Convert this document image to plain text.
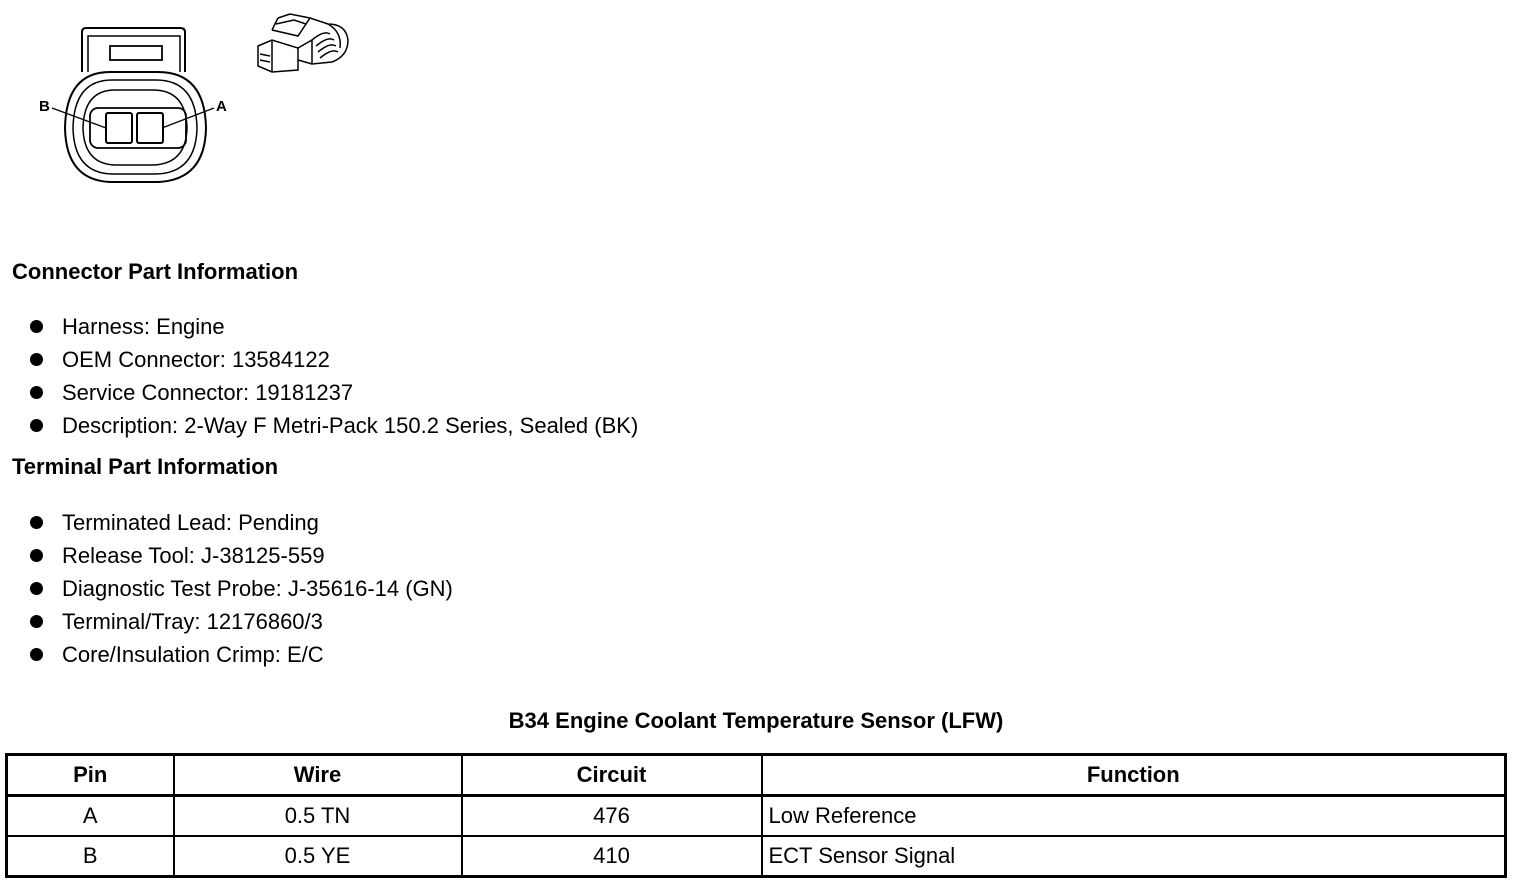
B	A
Connector Part Information
Harness: Engine
OEM Connector: 13584122
Service Connector: 19181237
Description: 2-Way F Metri-Pack 150.2 Series, Sealed (BK)
Terminal Part Information
Terminated Lead: Pending
Release Tool: J-38125-559
Diagnostic Test Probe: J-35616-14 (GN)
Terminal/Tray: 12176860/3
Core/Insulation Crimp: E/C
B34 Engine Coolant Temperature Sensor (LFW)
Pin	Wire	Circuit	Function
A	0.5 TN	476	Low Reference
B	0.5 YE	410	ECT Sensor Signal
